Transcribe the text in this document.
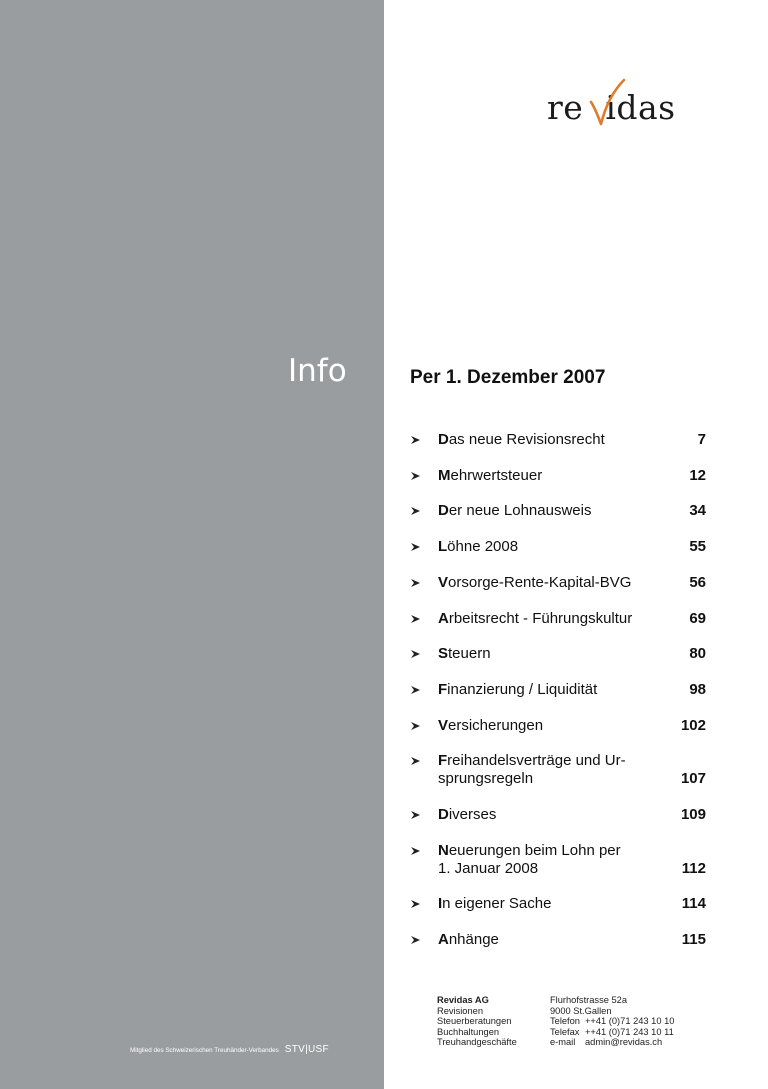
Info
Mitglied des Schweizerischen Treuhänder-Verbandes STV|USF
re idas
Per 1. Dezember 2007
Das neue Revisionsrecht	7
Mehrwertsteuer	12
Der neue Lohnausweis	34
Löhne 2008	55
Vorsorge-Rente-Kapital-BVG	56
Arbeitsrecht - Führungskultur	69
Steuern	80
Finanzierung / Liquidität	98
Versicherungen	102
Freihandelsverträge und Ur-
sprungsregeln	107
Diverses	109
Neuerungen beim Lohn per
1. Januar 2008	112
In eigener Sache	114
Anhänge	115
Revidas AG
Revisionen
Steuerberatungen
Buchhaltungen
Treuhandgeschäfte
Flurhofstrasse 52a
9000 St.Gallen
Telefon ++41 (0)71 243 10 10
Telefax ++41 (0)71 243 10 11
e-mail admin@revidas.ch
